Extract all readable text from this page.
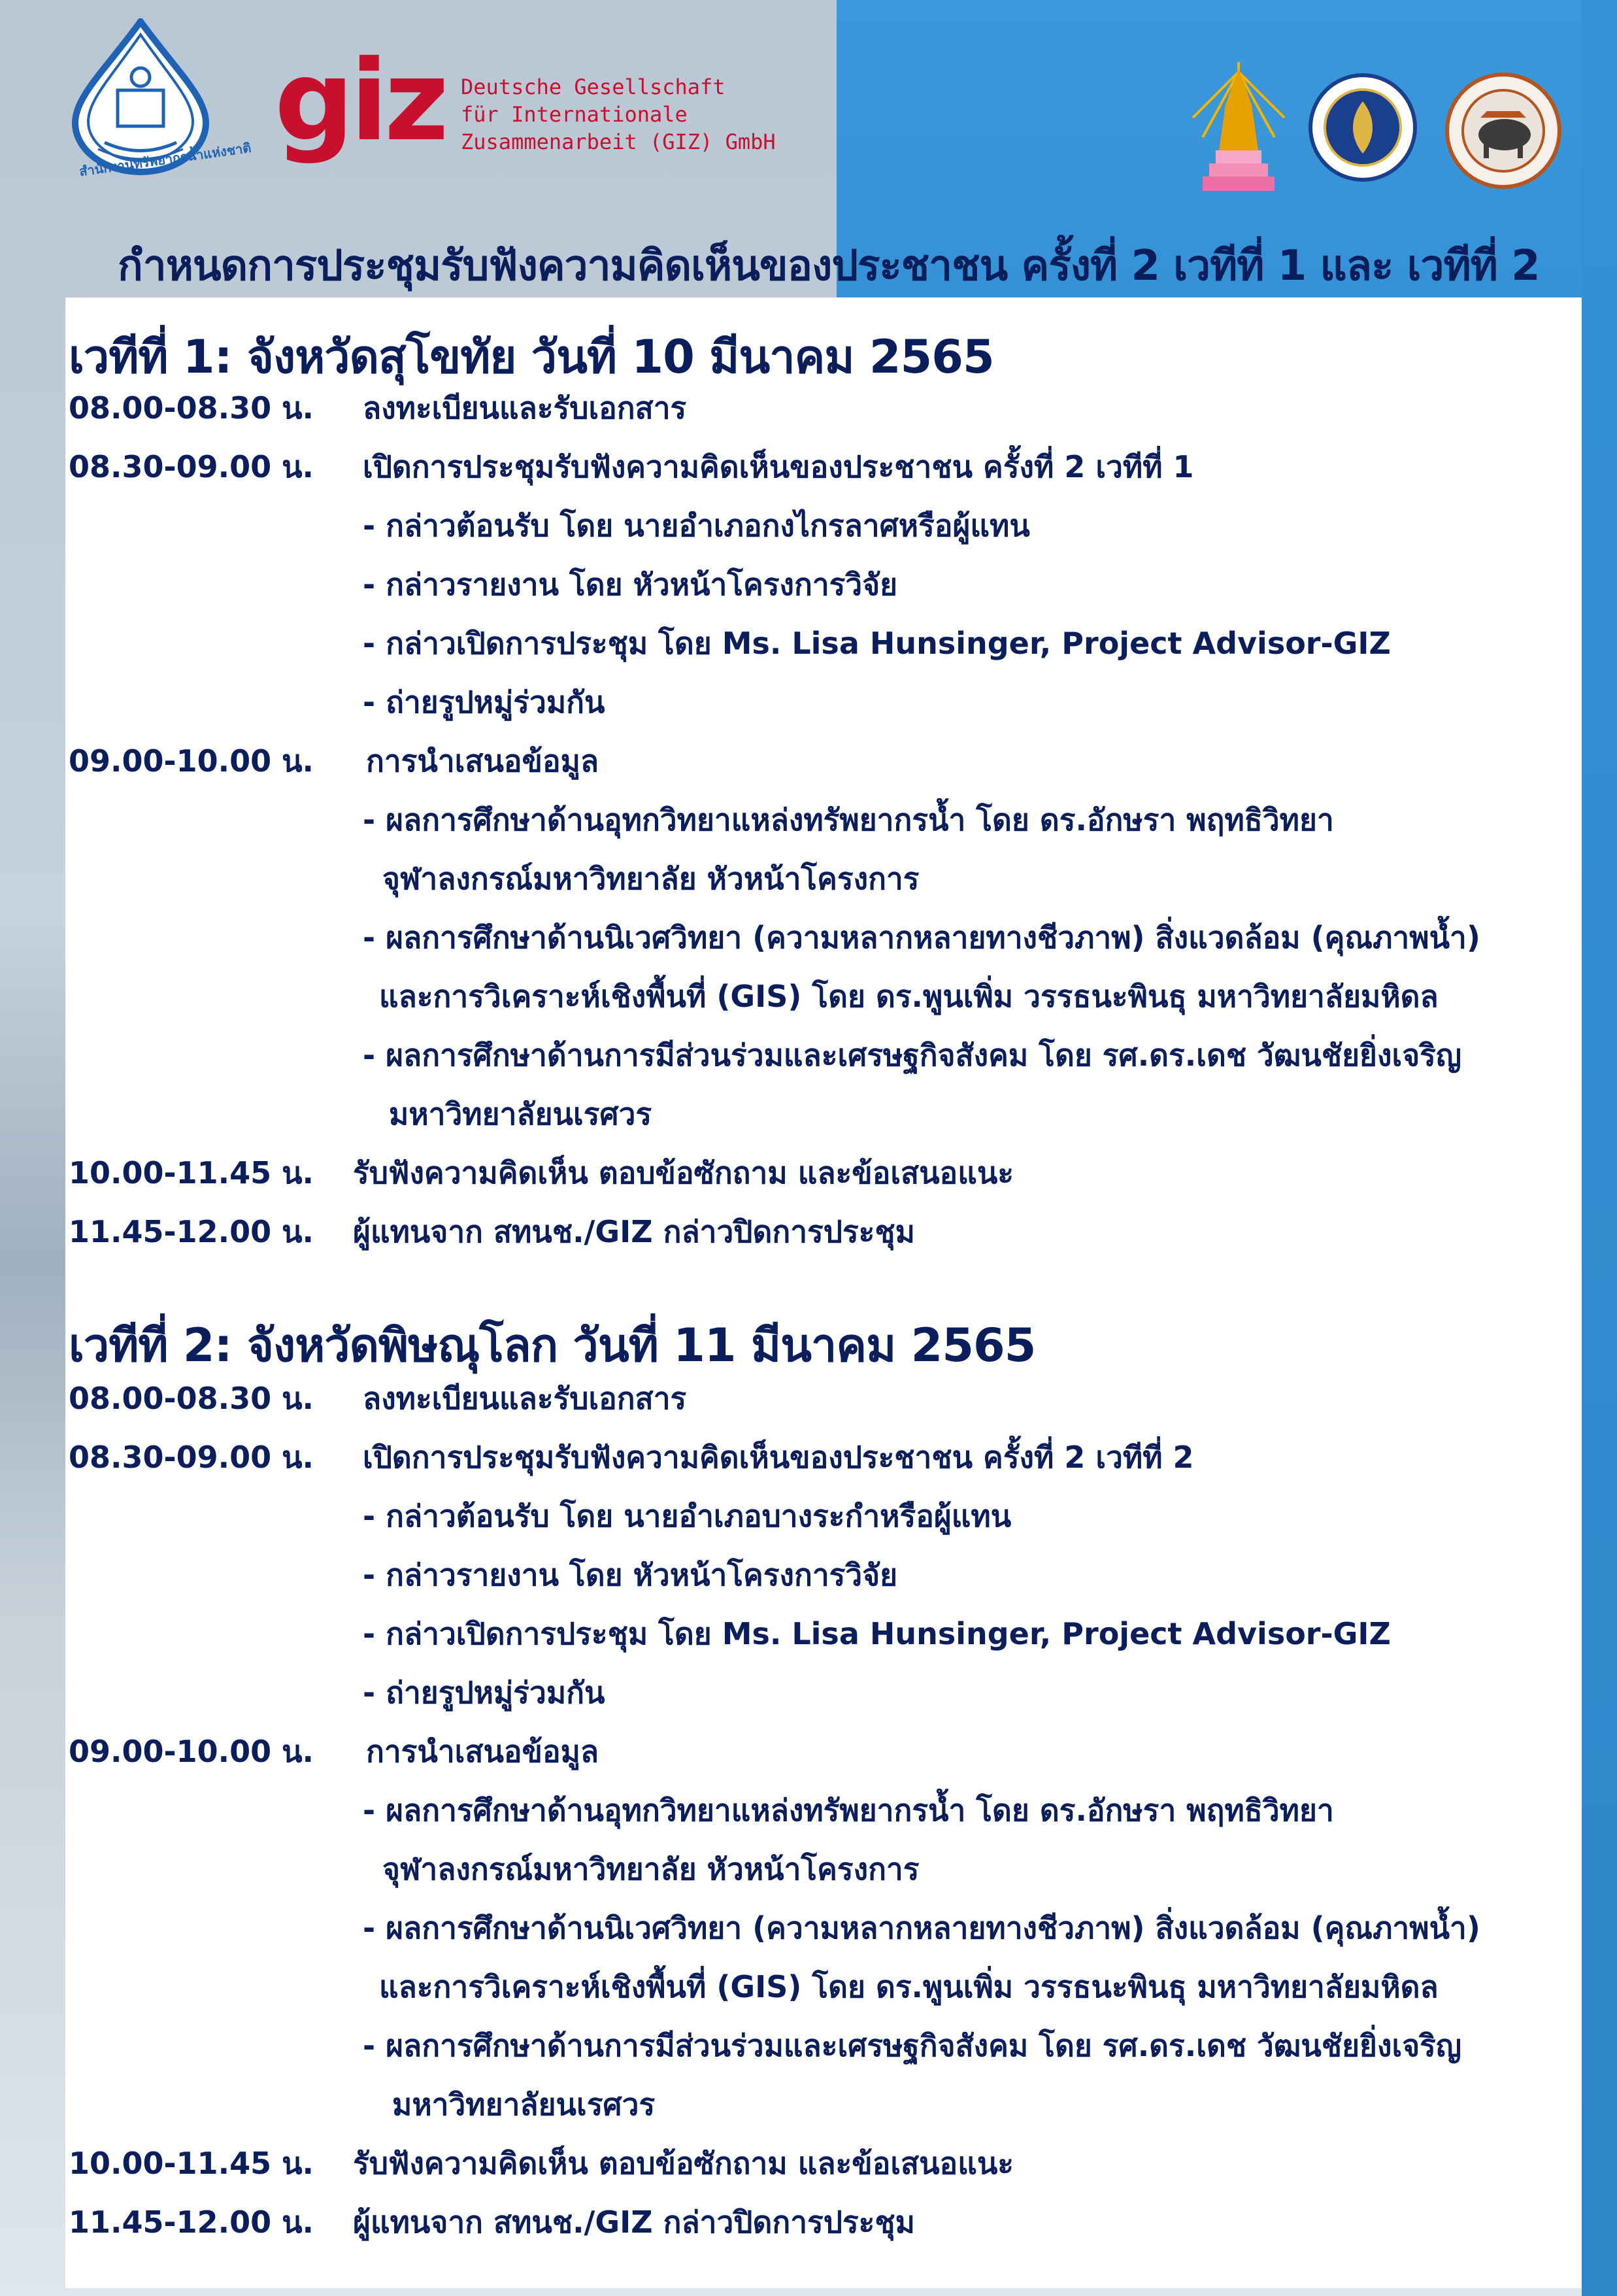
สำนักงานทรัพยากรน้ำแห่งชาติ giz Deutsche Gesellschaft
für Internationale
Zusammenarbeit (GIZ) GmbH
กำหนดการประชุมรับฟังความคิดเห็นของประชาชน ครั้งที่ 2 เวทีที่ 1 และ เวทีที่ 2
เวทีที่ 1: จังหวัดสุโขทัย วันที่ 10 มีนาคม 2565
08.00-08.30 น. ลงทะเบียนและรับเอกสาร
08.30-09.00 น. เปิดการประชุมรับฟังความคิดเห็นของประชาชน ครั้งที่ 2 เวทีที่ 1
- กล่าวต้อนรับ โดย นายอำเภอกงไกรลาศหรือผู้แทน
- กล่าวรายงาน โดย หัวหน้าโครงการวิจัย
- กล่าวเปิดการประชุม โดย Ms. Lisa Hunsinger, Project Advisor-GIZ
- ถ่ายรูปหมู่ร่วมกัน
09.00-10.00 น. การนำเสนอข้อมูล
- ผลการศึกษาด้านอุทกวิทยาแหล่งทรัพยากรน้ำ โดย ดร.อักษรา พฤทธิวิทยา
จุฬาลงกรณ์มหาวิทยาลัย หัวหน้าโครงการ
- ผลการศึกษาด้านนิเวศวิทยา (ความหลากหลายทางชีวภาพ) สิ่งแวดล้อม (คุณภาพน้ำ)
และการวิเคราะห์เชิงพื้นที่ (GIS) โดย ดร.พูนเพิ่ม วรรธนะพินธุ มหาวิทยาลัยมหิดล
- ผลการศึกษาด้านการมีส่วนร่วมและเศรษฐกิจสังคม โดย รศ.ดร.เดช วัฒนชัยยิ่งเจริญ
มหาวิทยาลัยนเรศวร
10.00-11.45 น. รับฟังความคิดเห็น ตอบข้อซักถาม และข้อเสนอแนะ
11.45-12.00 น. ผู้แทนจาก สทนช./GIZ กล่าวปิดการประชุม
เวทีที่ 2: จังหวัดพิษณุโลก วันที่ 11 มีนาคม 2565
08.00-08.30 น. ลงทะเบียนและรับเอกสาร
08.30-09.00 น. เปิดการประชุมรับฟังความคิดเห็นของประชาชน ครั้งที่ 2 เวทีที่ 2
- กล่าวต้อนรับ โดย นายอำเภอบางระกำหรือผู้แทน
- กล่าวรายงาน โดย หัวหน้าโครงการวิจัย
- กล่าวเปิดการประชุม โดย Ms. Lisa Hunsinger, Project Advisor-GIZ
- ถ่ายรูปหมู่ร่วมกัน
09.00-10.00 น. การนำเสนอข้อมูล
- ผลการศึกษาด้านอุทกวิทยาแหล่งทรัพยากรน้ำ โดย ดร.อักษรา พฤทธิวิทยา
จุฬาลงกรณ์มหาวิทยาลัย หัวหน้าโครงการ
- ผลการศึกษาด้านนิเวศวิทยา (ความหลากหลายทางชีวภาพ) สิ่งแวดล้อม (คุณภาพน้ำ)
และการวิเคราะห์เชิงพื้นที่ (GIS) โดย ดร.พูนเพิ่ม วรรธนะพินธุ มหาวิทยาลัยมหิดล
- ผลการศึกษาด้านการมีส่วนร่วมและเศรษฐกิจสังคม โดย รศ.ดร.เดช วัฒนชัยยิ่งเจริญ
มหาวิทยาลัยนเรศวร
10.00-11.45 น. รับฟังความคิดเห็น ตอบข้อซักถาม และข้อเสนอแนะ
11.45-12.00 น. ผู้แทนจาก สทนช./GIZ กล่าวปิดการประชุม
